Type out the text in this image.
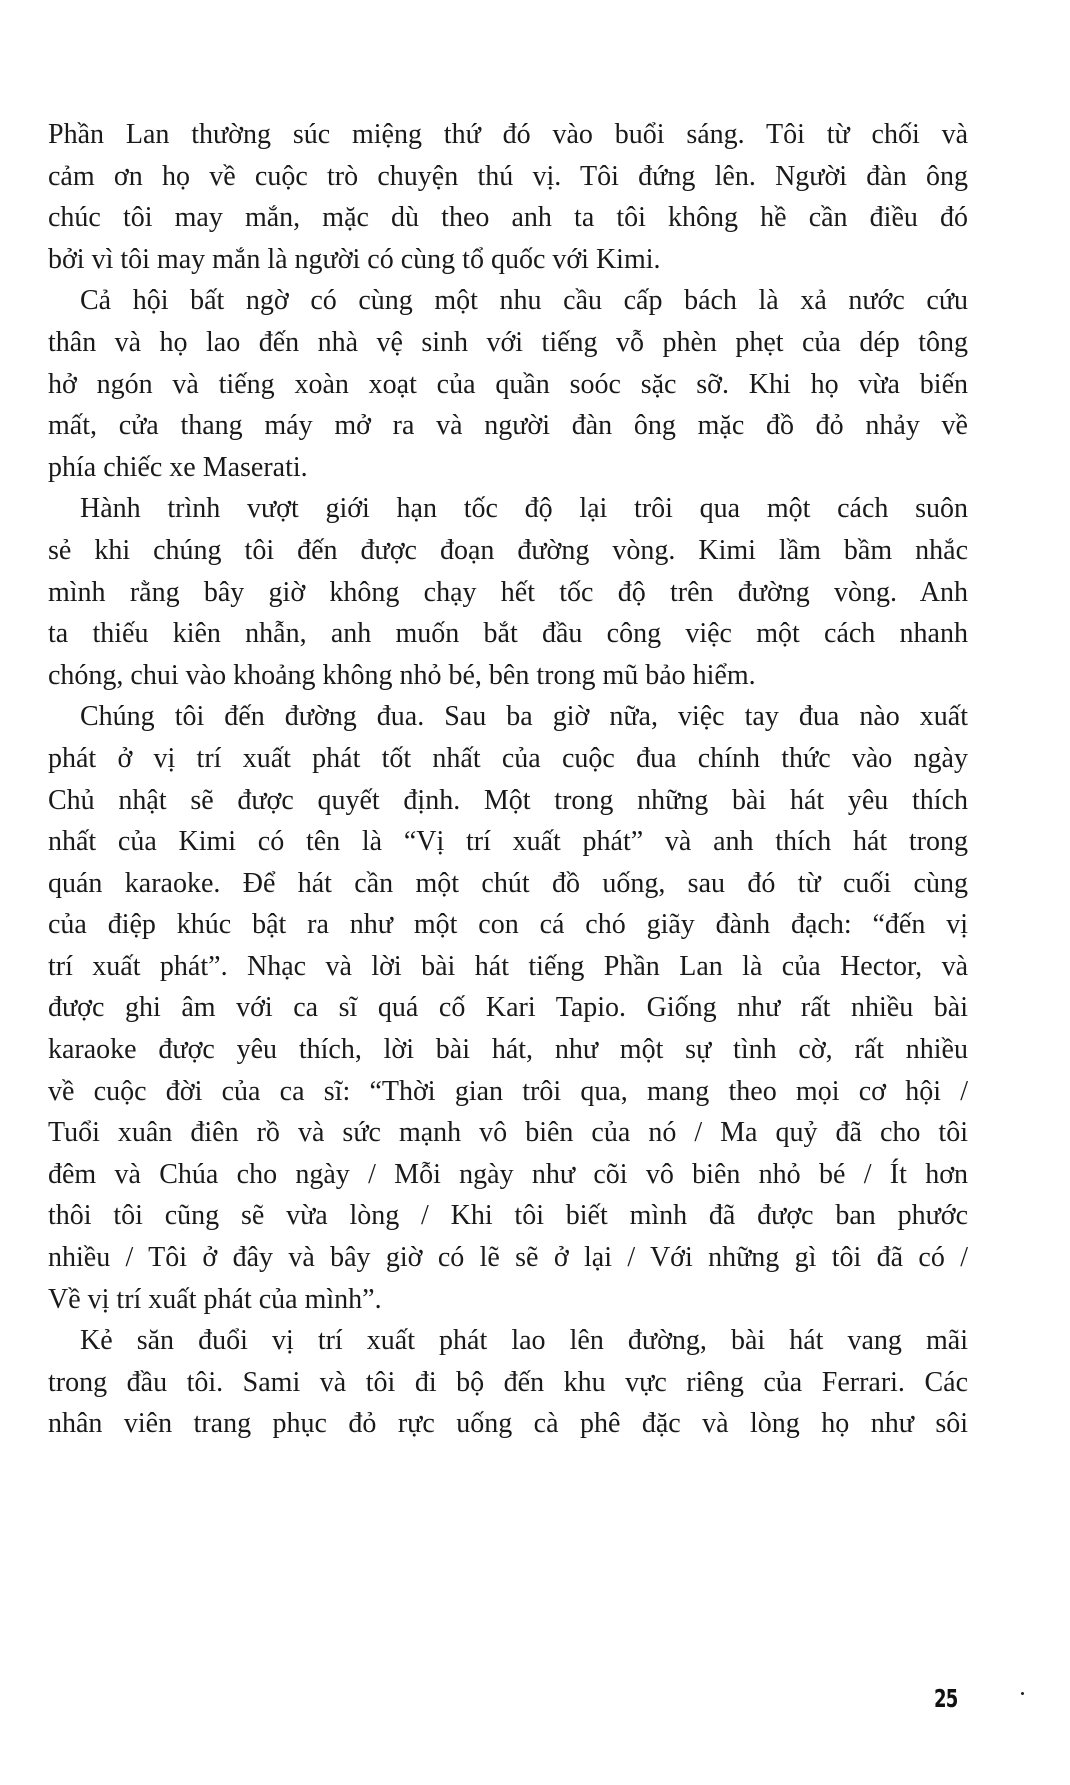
Phần Lan thường súc miệng thứ đó vào buổi sáng. Tôi từ chối và
cảm ơn họ về cuộc trò chuyện thú vị. Tôi đứng lên. Người đàn ông
chúc tôi may mắn, mặc dù theo anh ta tôi không hề cần điều đó
bởi vì tôi may mắn là người có cùng tổ quốc với Kimi.
Cả hội bất ngờ có cùng một nhu cầu cấp bách là xả nước cứu
thân và họ lao đến nhà vệ sinh với tiếng vỗ phèn phẹt của dép tông
hở ngón và tiếng xoàn xoạt của quần soóc sặc sỡ. Khi họ vừa biến
mất, cửa thang máy mở ra và người đàn ông mặc đồ đỏ nhảy về
phía chiếc xe Maserati.
Hành trình vượt giới hạn tốc độ lại trôi qua một cách suôn
sẻ khi chúng tôi đến được đoạn đường vòng. Kimi lầm bầm nhắc
mình rằng bây giờ không chạy hết tốc độ trên đường vòng. Anh
ta thiếu kiên nhẫn, anh muốn bắt đầu công việc một cách nhanh
chóng, chui vào khoảng không nhỏ bé, bên trong mũ bảo hiểm.
Chúng tôi đến đường đua. Sau ba giờ nữa, việc tay đua nào xuất
phát ở vị trí xuất phát tốt nhất của cuộc đua chính thức vào ngày
Chủ nhật sẽ được quyết định. Một trong những bài hát yêu thích
nhất của Kimi có tên là “Vị trí xuất phát” và anh thích hát trong
quán karaoke. Để hát cần một chút đồ uống, sau đó từ cuối cùng
của điệp khúc bật ra như một con cá chó giãy đành đạch: “đến vị
trí xuất phát”. Nhạc và lời bài hát tiếng Phần Lan là của Hector, và
được ghi âm với ca sĩ quá cố Kari Tapio. Giống như rất nhiều bài
karaoke được yêu thích, lời bài hát, như một sự tình cờ, rất nhiều
về cuộc đời của ca sĩ: “Thời gian trôi qua, mang theo mọi cơ hội /
Tuổi xuân điên rồ và sức mạnh vô biên của nó / Ma quỷ đã cho tôi
đêm và Chúa cho ngày / Mỗi ngày như cõi vô biên nhỏ bé / Ít hơn
thôi tôi cũng sẽ vừa lòng / Khi tôi biết mình đã được ban phước
nhiều / Tôi ở đây và bây giờ có lẽ sẽ ở lại / Với những gì tôi đã có /
Về vị trí xuất phát của mình”.
Kẻ săn đuổi vị trí xuất phát lao lên đường, bài hát vang mãi
trong đầu tôi. Sami và tôi đi bộ đến khu vực riêng của Ferrari. Các
nhân viên trang phục đỏ rực uống cà phê đặc và lòng họ như sôi
25
